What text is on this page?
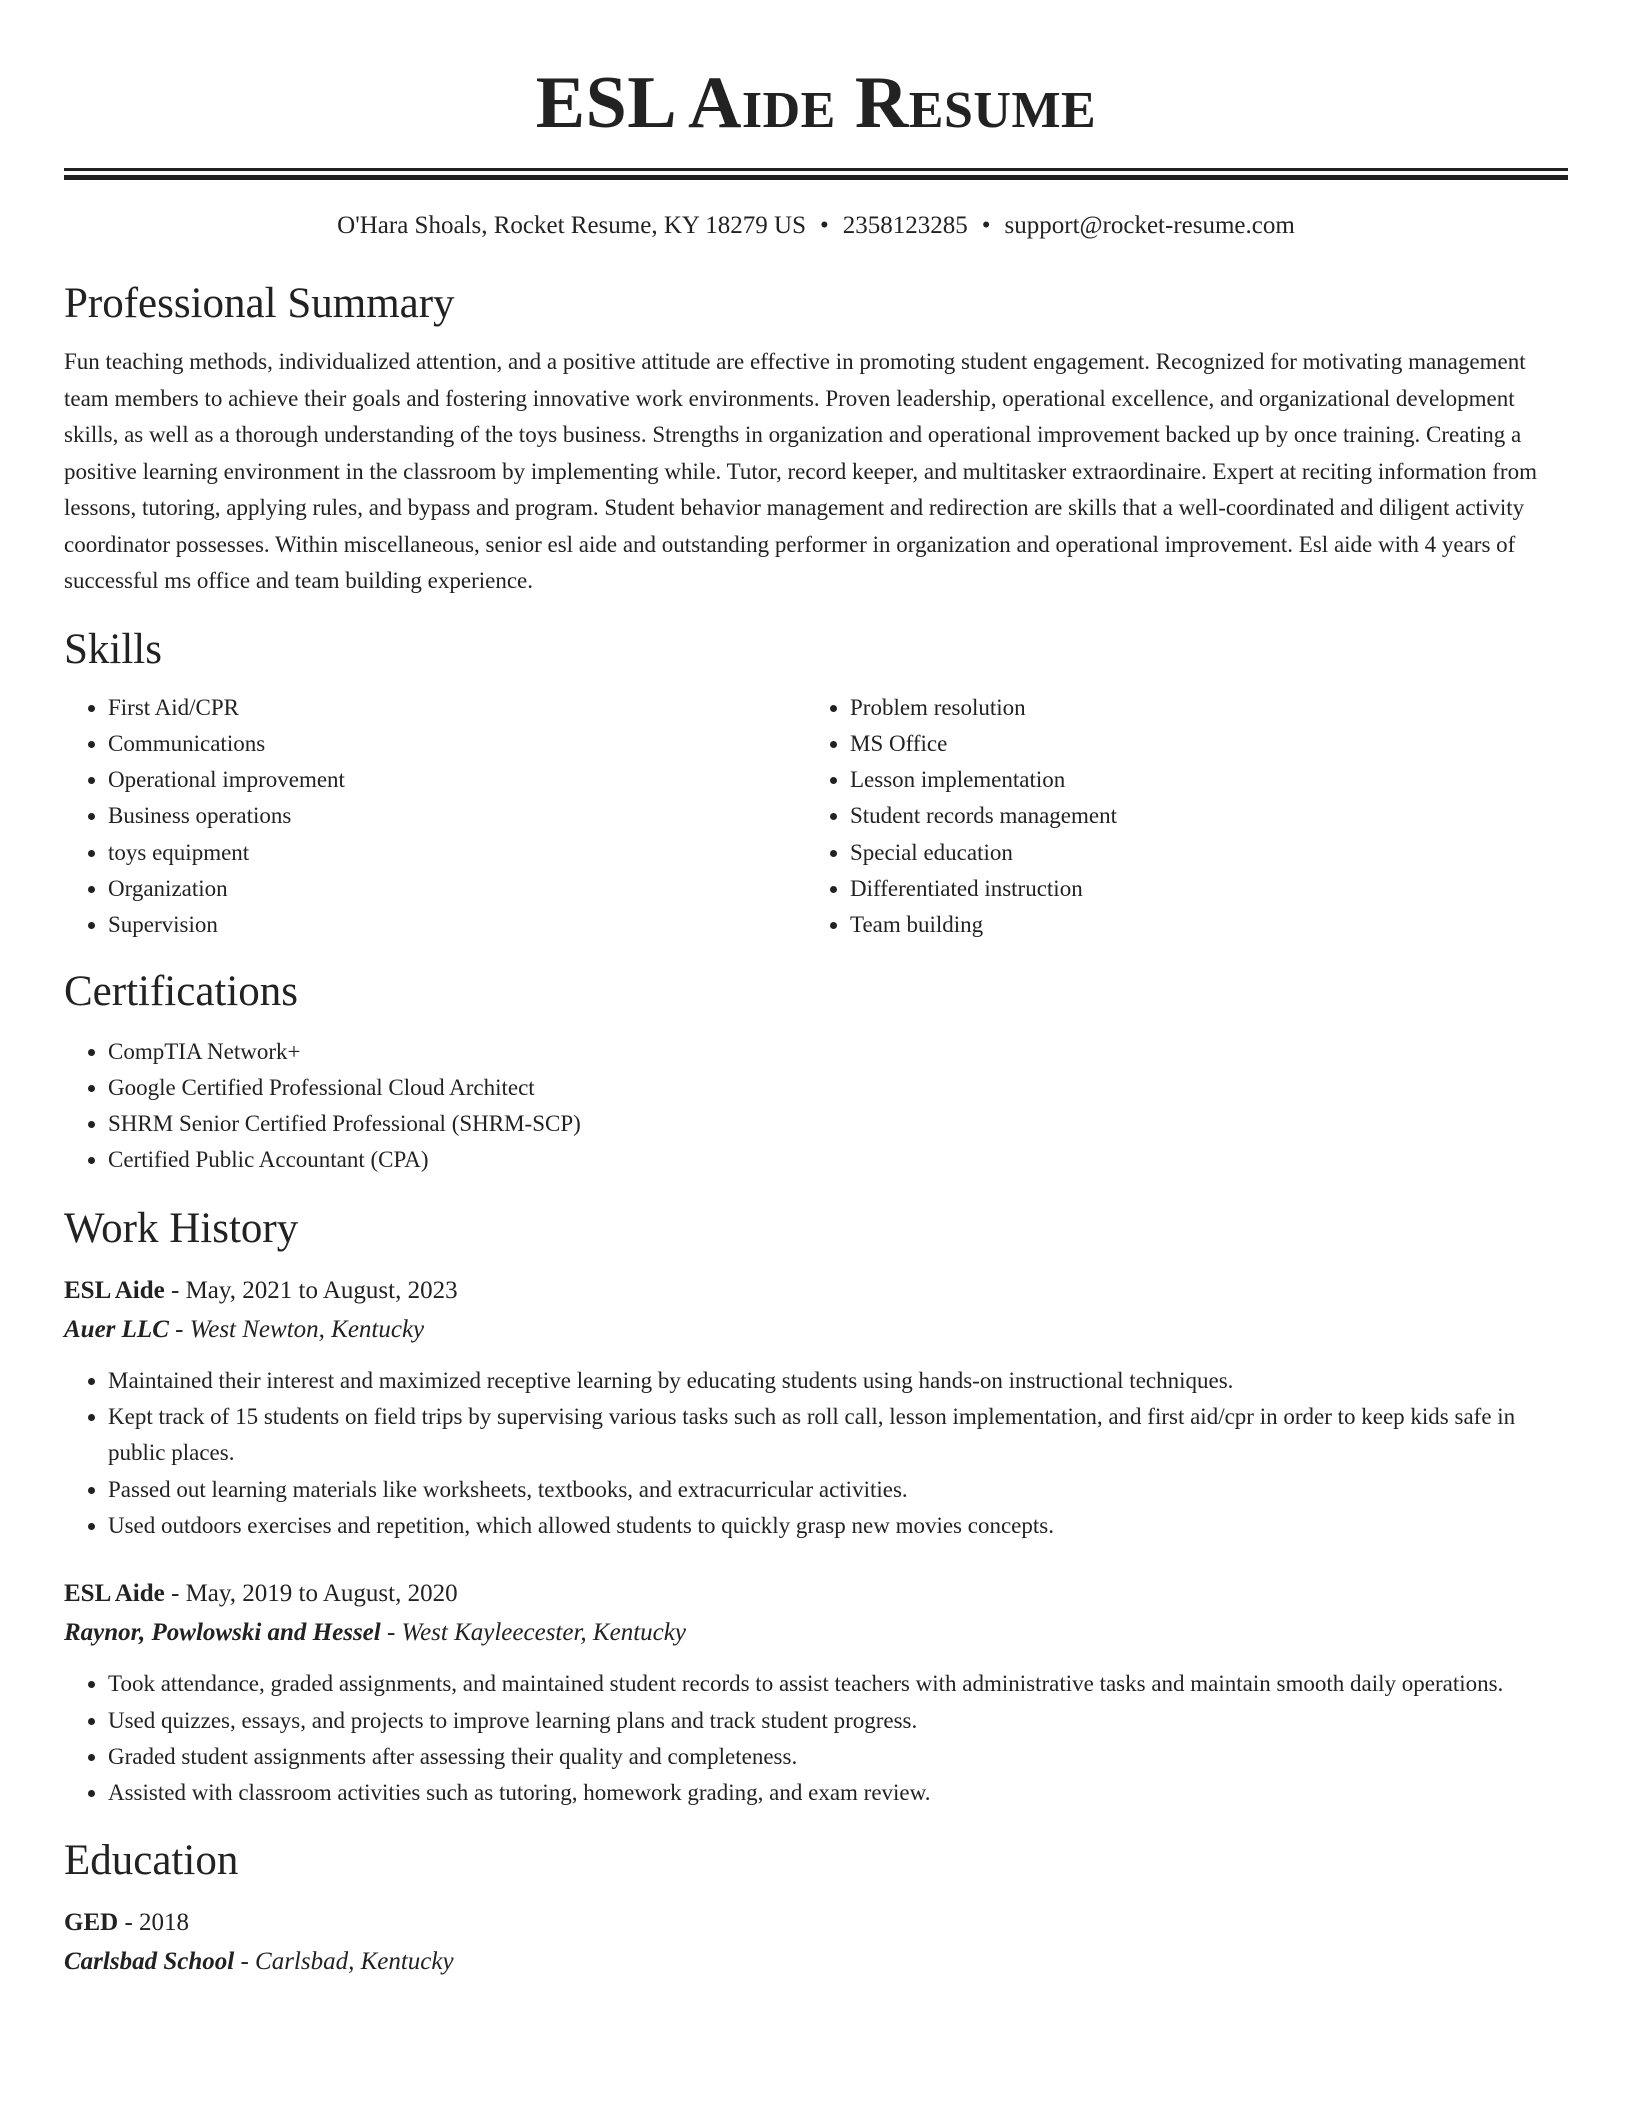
ESL Aide Resume
O'Hara Shoals, Rocket Resume, KY 18279 US • 2358123285 • support@rocket-resume.com
Professional Summary
Fun teaching methods, individualized attention, and a positive attitude are effective in promoting student engagement. Recognized for motivating management team members to achieve their goals and fostering innovative work environments. Proven leadership, operational excellence, and organizational development skills, as well as a thorough understanding of the toys business. Strengths in organization and operational improvement backed up by once training. Creating a positive learning environment in the classroom by implementing while. Tutor, record keeper, and multitasker extraordinaire. Expert at reciting information from lessons, tutoring, applying rules, and bypass and program. Student behavior management and redirection are skills that a well-coordinated and diligent activity coordinator possesses. Within miscellaneous, senior esl aide and outstanding performer in organization and operational improvement. Esl aide with 4 years of successful ms office and team building experience.
Skills
• First Aid/CPR
• Communications
• Operational improvement
• Business operations
• toys equipment
• Organization
• Supervision
• Problem resolution
• MS Office
• Lesson implementation
• Student records management
• Special education
• Differentiated instruction
• Team building
Certifications
• CompTIA Network+
• Google Certified Professional Cloud Architect
• SHRM Senior Certified Professional (SHRM-SCP)
• Certified Public Accountant (CPA)
Work History
ESL Aide - May, 2021 to August, 2023
Auer LLC - West Newton, Kentucky
• Maintained their interest and maximized receptive learning by educating students using hands-on instructional techniques.
• Kept track of 15 students on field trips by supervising various tasks such as roll call, lesson implementation, and first aid/cpr in order to keep kids safe in public places.
• Passed out learning materials like worksheets, textbooks, and extracurricular activities.
• Used outdoors exercises and repetition, which allowed students to quickly grasp new movies concepts.
ESL Aide - May, 2019 to August, 2020
Raynor, Powlowski and Hessel - West Kayleecester, Kentucky
• Took attendance, graded assignments, and maintained student records to assist teachers with administrative tasks and maintain smooth daily operations.
• Used quizzes, essays, and projects to improve learning plans and track student progress.
• Graded student assignments after assessing their quality and completeness.
• Assisted with classroom activities such as tutoring, homework grading, and exam review.
Education
GED - 2018
Carlsbad School - Carlsbad, Kentucky
